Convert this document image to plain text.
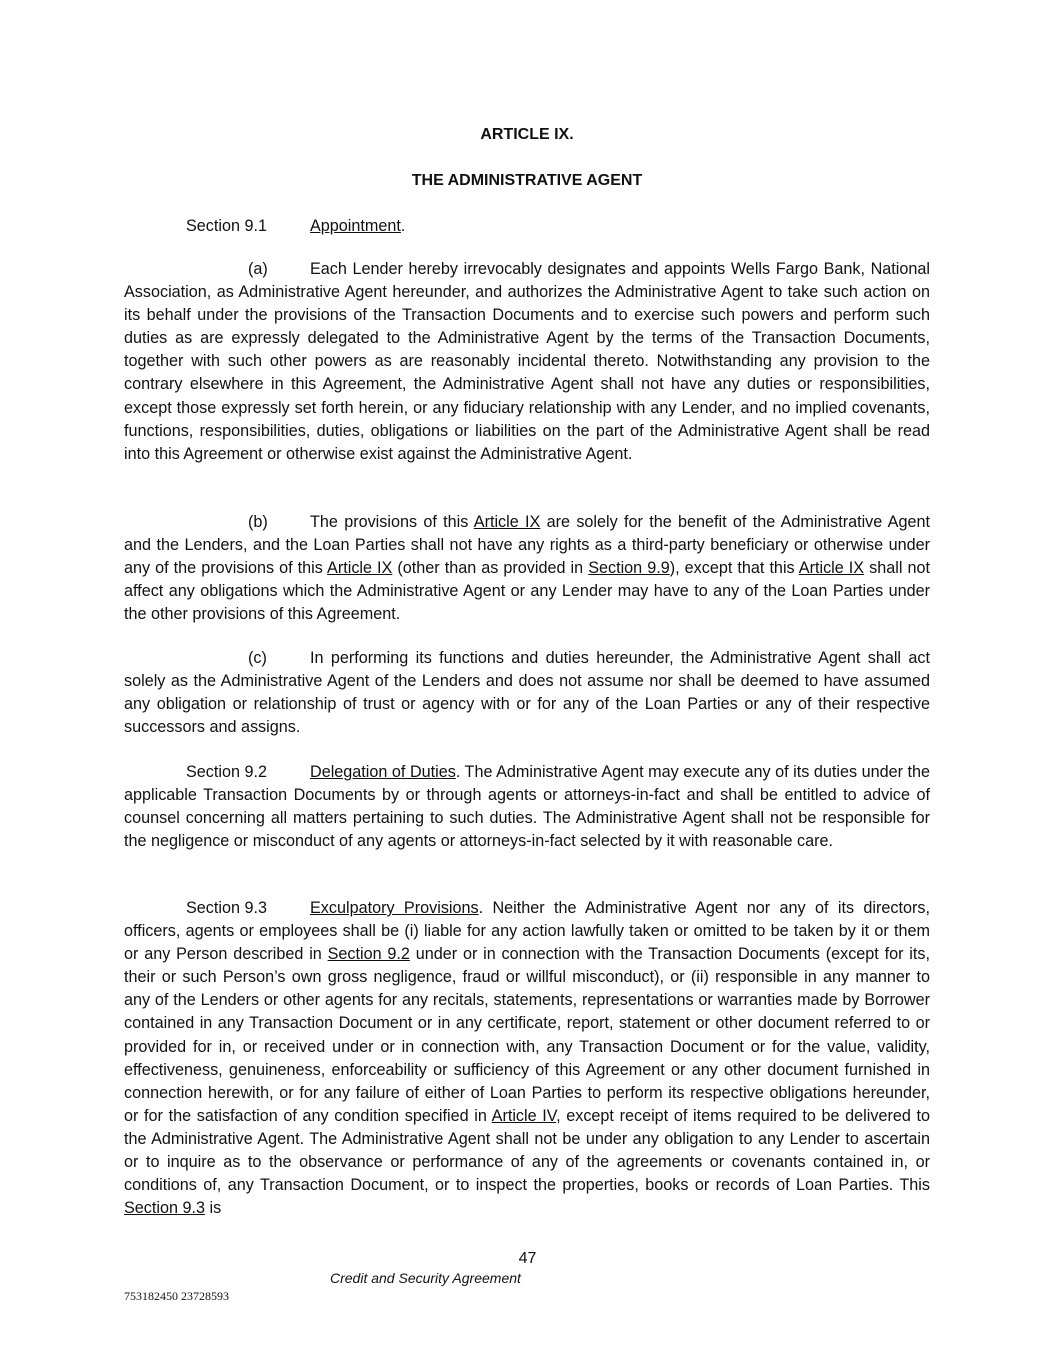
ARTICLE IX.
THE ADMINISTRATIVE AGENT

Section 9.1	Appointment.

(a)	Each Lender hereby irrevocably designates and appoints Wells Fargo Bank, National Association, as Administrative Agent hereunder, and authorizes the Administrative Agent to take such action on its behalf under the provisions of the Transaction Documents and to exercise such powers and perform such duties as are expressly delegated to the Administrative Agent by the terms of the Transaction Documents, together with such other powers as are reasonably incidental thereto. Notwithstanding any provision to the contrary elsewhere in this Agreement, the Administrative Agent shall not have any duties or responsibilities, except those expressly set forth herein, or any fiduciary relationship with any Lender, and no implied covenants, functions, responsibilities, duties, obligations or liabilities on the part of the Administrative Agent shall be read into this Agreement or otherwise exist against the Administrative Agent.

(b)	The provisions of this Article IX are solely for the benefit of the Administrative Agent and the Lenders, and the Loan Parties shall not have any rights as a third-party beneficiary or otherwise under any of the provisions of this Article IX (other than as provided in Section 9.9), except that this Article IX shall not affect any obligations which the Administrative Agent or any Lender may have to any of the Loan Parties under the other provisions of this Agreement.

(c)	In performing its functions and duties hereunder, the Administrative Agent shall act solely as the Administrative Agent of the Lenders and does not assume nor shall be deemed to have assumed any obligation or relationship of trust or agency with or for any of the Loan Parties or any of their respective successors and assigns.

Section 9.2	Delegation of Duties. The Administrative Agent may execute any of its duties under the applicable Transaction Documents by or through agents or attorneys-in-fact and shall be entitled to advice of counsel concerning all matters pertaining to such duties. The Administrative Agent shall not be responsible for the negligence or misconduct of any agents or attorneys-in-fact selected by it with reasonable care.

Section 9.3	Exculpatory Provisions. Neither the Administrative Agent nor any of its directors, officers, agents or employees shall be (i) liable for any action lawfully taken or omitted to be taken by it or them or any Person described in Section 9.2 under or in connection with the Transaction Documents (except for its, their or such Person’s own gross negligence, fraud or willful misconduct), or (ii) responsible in any manner to any of the Lenders or other agents for any recitals, statements, representations or warranties made by Borrower contained in any Transaction Document or in any certificate, report, statement or other document referred to or provided for in, or received under or in connection with, any Transaction Document or for the value, validity, effectiveness, genuineness, enforceability or sufficiency of this Agreement or any other document furnished in connection herewith, or for any failure of either of Loan Parties to perform its respective obligations hereunder, or for the satisfaction of any condition specified in Article IV, except receipt of items required to be delivered to the Administrative Agent. The Administrative Agent shall not be under any obligation to any Lender to ascertain or to inquire as to the observance or performance of any of the agreements or covenants contained in, or conditions of, any Transaction Document, or to inspect the properties, books or records of Loan Parties. This Section 9.3 is

47
Credit and Security Agreement
753182450 23728593
